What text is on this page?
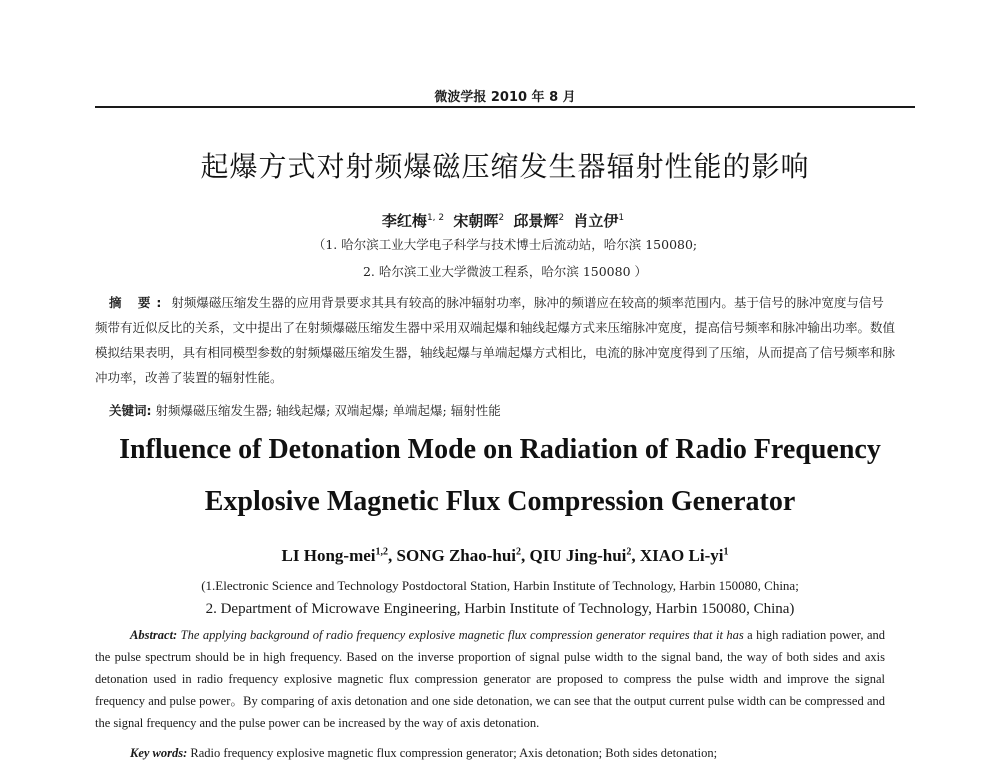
微波学报 2010 年 8 月
起爆方式对射频爆磁压缩发生器辐射性能的影响
李红梅$^{1, 2}$ 宋朝晖$^2$ 邱景辉$^2$ 肖立伊$^1$
（1. 哈尔滨工业大学电子科学与技术博士后流动站，哈尔滨 150080;
2. 哈尔滨工业大学微波工程系，哈尔滨 150080 ）
摘 要: 射频爆磁压缩发生器的应用背景要求其具有较高的脉冲辐射功率，脉冲的频谱应在较高的频率范围内。基于信号的脉冲宽度与信号频带有近似反比的关系，文中提出了在射频爆磁压缩发生器中采用双端起爆和轴线起爆方式来压缩脉冲宽度，提高信号频率和脉冲输出功率。数值模拟结果表明，具有相同模型参数的射频爆磁压缩发生器，轴线起爆与单端起爆方式相比，电流的脉冲宽度得到了压缩，从而提高了信号频率和脉冲功率，改善了装置的辐射性能。
关键词: 射频爆磁压缩发生器; 轴线起爆; 双端起爆; 单端起爆; 辐射性能
Influence of Detonation Mode on Radiation of Radio Frequency
Explosive Magnetic Flux Compression Generator
LI Hong-mei$^{1,2}$, SONG Zhao-hui$^2$, QIU Jing-hui$^2$, XIAO $Li-yi^1$
(1.Electronic Science and Technology Postdoctoral Station, Harbin Institute of Technology, Harbin 150080, China;
2. Department of Microwave Engineering, Harbin Institute of Technology, Harbin 150080, China)
Abstract: The applying background of radio frequency explosive magnetic flux compression generator requires that it has a high radiation power, and the pulse spectrum should be in high frequency. Based on the inverse proportion of signal pulse width to the signal band, the way of both sides and axis detonation used in radio frequency explosive magnetic flux compression generator are proposed to compress the pulse width and improve the signal frequency and pulse power。By comparing of axis detonation and one side detonation, we can see that the output current pulse width can be compressed and the signal frequency and the pulse power can be increased by the way of axis detonation.
Key words: Radio frequency explosive magnetic flux compression generator; Axis detonation; Both sides detonation;
